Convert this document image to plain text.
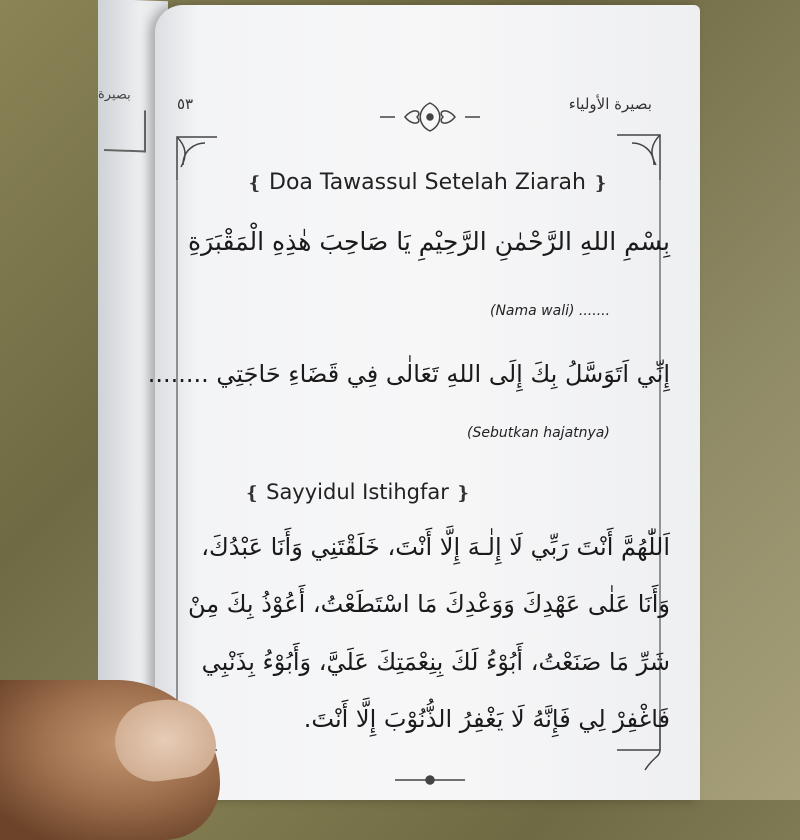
بصيرة
بصيرة الأولياء
٥٣
❴ Doa Tawassul Setelah Ziarah ❵
بِسْمِ اللهِ الرَّحْمٰنِ الرَّحِيْمِ يَا صَاحِبَ هٰذِهِ الْمَقْبَرَةِ
(Nama wali) .......
إِنِّي اَتَوَسَّلُ بِكَ إِلَى اللهِ تَعَالٰى فِي قَضَاءِ حَاجَتِي ........
(Sebutkan hajatnya)
❴ Sayyidul Istihgfar ❵
اَللّٰهُمَّ أَنْتَ رَبِّي لَا إِلٰـهَ إِلَّا أَنْتَ، خَلَقْتَنِي وَأَنَا عَبْدُكَ،
وَأَنَا عَلٰى عَهْدِكَ وَوَعْدِكَ مَا اسْتَطَعْتُ، أَعُوْذُ بِكَ مِنْ
شَرِّ مَا صَنَعْتُ، أَبُوْءُ لَكَ بِنِعْمَتِكَ عَلَيَّ، وَأَبُوْءُ بِذَنْبِي
فَاغْفِرْ لِي فَإِنَّهُ لَا يَغْفِرُ الذُّنُوْبَ إِلَّا أَنْتَ.
